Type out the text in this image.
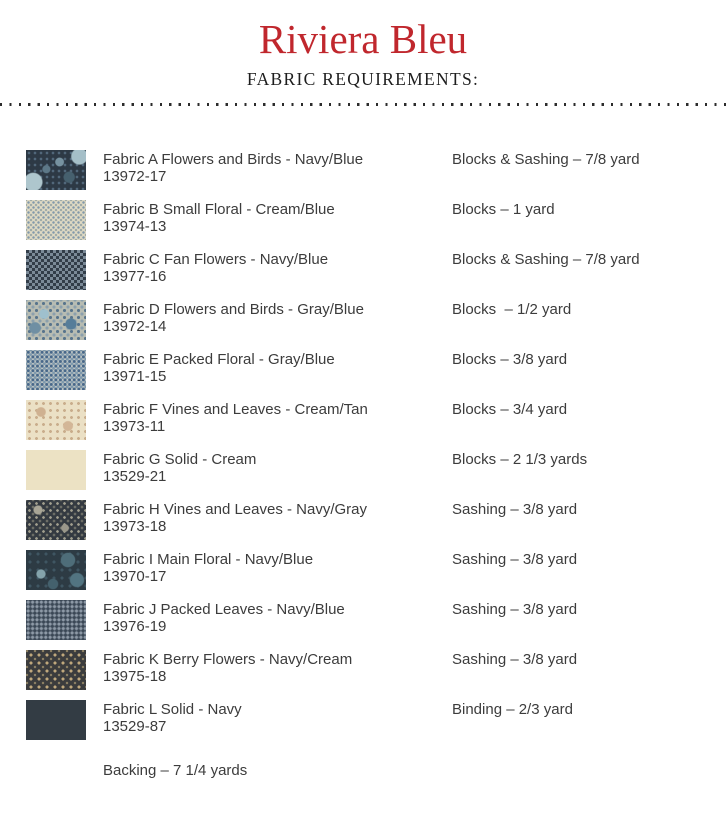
Riviera Bleu
FABRIC REQUIREMENTS:
Fabric A Flowers and Birds - Navy/Blue
13972-17
Blocks & Sashing – 7/8 yard
Fabric B Small Floral - Cream/Blue
13974-13
Blocks – 1 yard
Fabric C Fan Flowers - Navy/Blue
13977-16
Blocks & Sashing – 7/8 yard
Fabric D Flowers and Birds - Gray/Blue
13972-14
Blocks  – 1/2 yard
Fabric E Packed Floral - Gray/Blue
13971-15
Blocks – 3/8 yard
Fabric F Vines and Leaves - Cream/Tan
13973-11
Blocks – 3/4 yard
Fabric G Solid - Cream
13529-21
Blocks – 2 1/3 yards
Fabric H Vines and Leaves - Navy/Gray
13973-18
Sashing – 3/8 yard
Fabric I Main Floral - Navy/Blue
13970-17
Sashing – 3/8 yard
Fabric J Packed Leaves - Navy/Blue
13976-19
Sashing – 3/8 yard
Fabric K Berry Flowers - Navy/Cream
13975-18
Sashing – 3/8 yard
Fabric L Solid - Navy
13529-87
Binding – 2/3 yard
Backing – 7 1/4 yards
